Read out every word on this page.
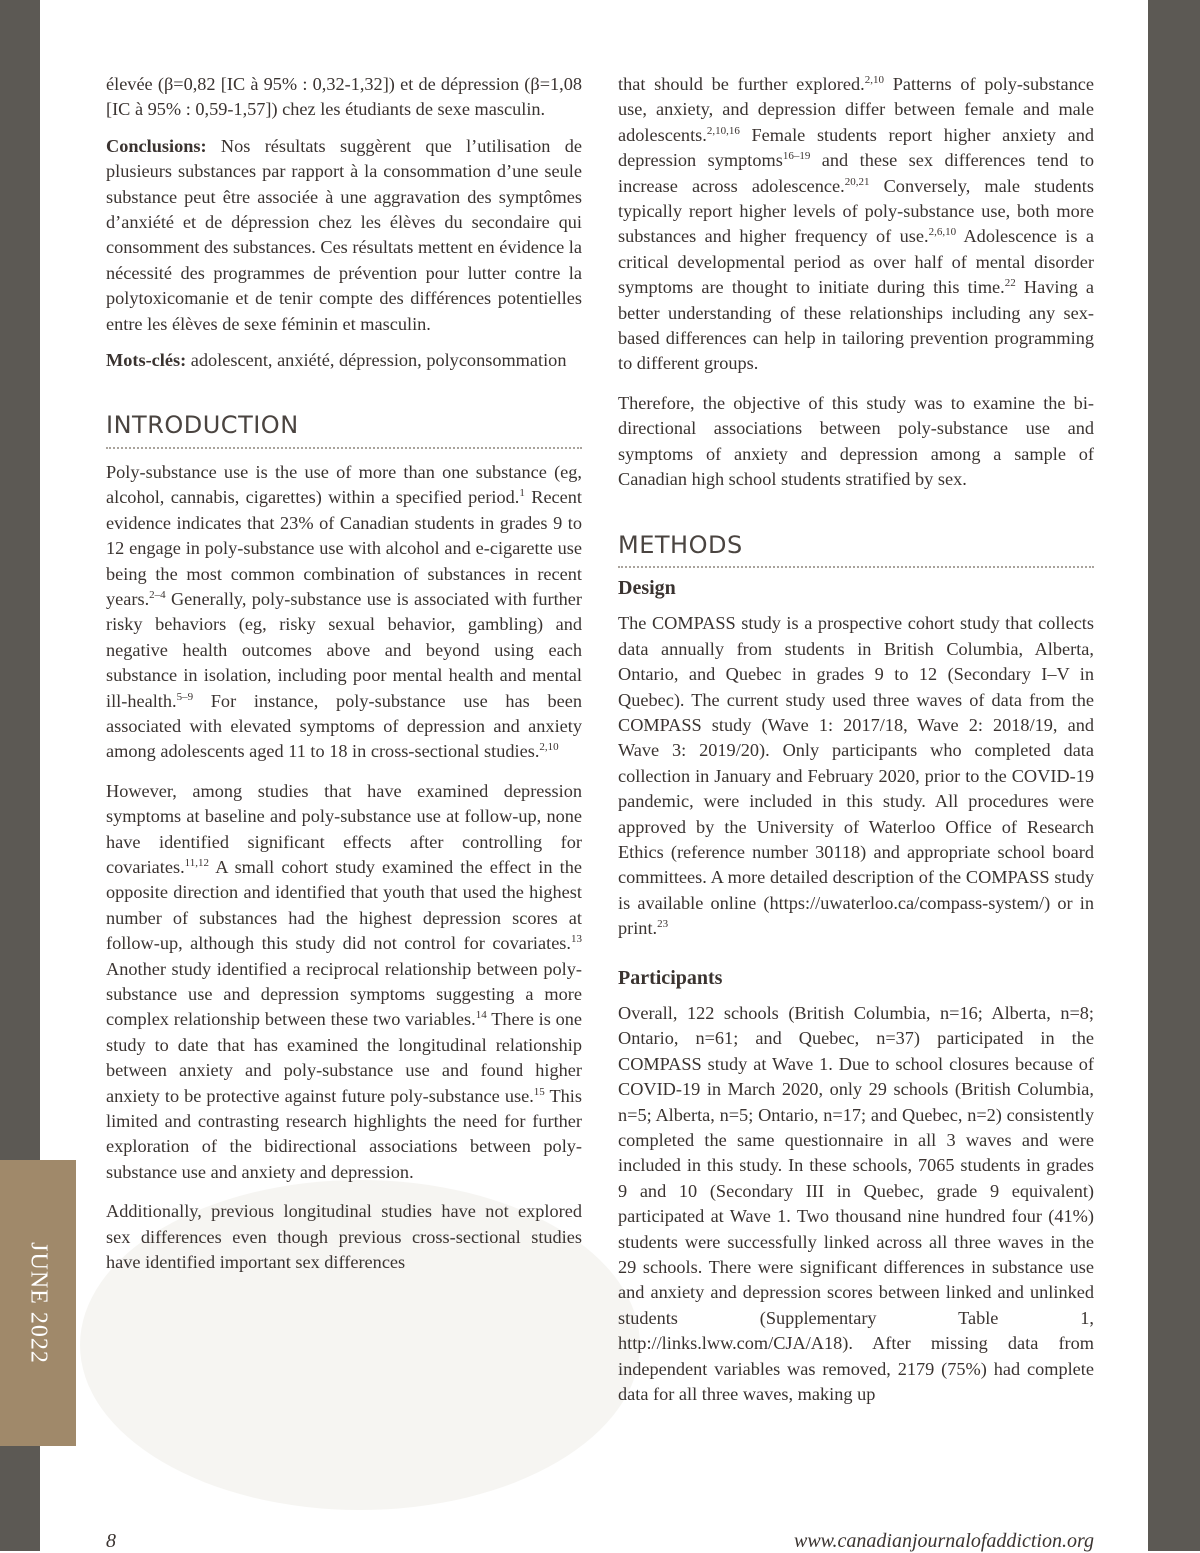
JUNE 2022

élevée (β=0,82 [IC à 95% : 0,32-1,32]) et de dépression (β=1,08 [IC à 95% : 0,59-1,57]) chez les étudiants de sexe masculin.

Conclusions: Nos résultats suggèrent que l’utilisation de plusieurs substances par rapport à la consommation d’une seule substance peut être associée à une aggravation des symptômes d’anxiété et de dépression chez les élèves du secondaire qui consomment des substances. Ces résultats mettent en évidence la nécessité des programmes de prévention pour lutter contre la polytoxicomanie et de tenir compte des différences potentielles entre les élèves de sexe féminin et masculin.

Mots-clés: adolescent, anxiété, dépression, polyconsommation

INTRODUCTION

Poly-substance use is the use of more than one substance (eg, alcohol, cannabis, cigarettes) within a specified period.$^1$ Recent evidence indicates that 23% of Canadian students in grades 9 to 12 engage in poly-substance use with alcohol and e-cigarette use being the most common combination of substances in recent years.$^{2-4}$ Generally, poly-substance use is associated with further risky behaviors (eg, risky sexual behavior, gambling) and negative health outcomes above and beyond using each substance in isolation, including poor mental health and mental ill-health.$^{5-9}$ For instance, poly-substance use has been associated with elevated symptoms of depression and anxiety among adolescents aged 11 to 18 in cross-sectional studies.$^{2,10}$

However, among studies that have examined depression symptoms at baseline and poly-substance use at follow-up, none have identified significant effects after controlling for covariates.$^{11,12}$ A small cohort study examined the effect in the opposite direction and identified that youth that used the highest number of substances had the highest depression scores at follow-up, although this study did not control for covariates.$^{13}$ Another study identified a reciprocal relationship between poly-substance use and depression symptoms suggesting a more complex relationship between these two variables.$^{14}$ There is one study to date that has examined the longitudinal relationship between anxiety and poly-substance use and found higher anxiety to be protective against future poly-substance use.$^{15}$ This limited and contrasting research highlights the need for further exploration of the bidirectional associations between poly-substance use and anxiety and depression.

Additionally, previous longitudinal studies have not explored sex differences even though previous cross-sectional studies have identified important sex differences

that should be further explored.$^{2,10}$ Patterns of poly-substance use, anxiety, and depression differ between female and male adolescents.$^{2,10,16}$ Female students report higher anxiety and depression symptoms$^{16-19}$ and these sex differences tend to increase across adolescence.$^{20,21}$ Conversely, male students typically report higher levels of poly-substance use, both more substances and higher frequency of use.$^{2,6,10}$ Adolescence is a critical developmental period as over half of mental disorder symptoms are thought to initiate during this time.$^{22}$ Having a better understanding of these relationships including any sex-based differences can help in tailoring prevention programming to different groups.

Therefore, the objective of this study was to examine the bi-directional associations between poly-substance use and symptoms of anxiety and depression among a sample of Canadian high school students stratified by sex.

METHODS
Design

The COMPASS study is a prospective cohort study that collects data annually from students in British Columbia, Alberta, Ontario, and Quebec in grades 9 to 12 (Secondary I–V in Quebec). The current study used three waves of data from the COMPASS study (Wave 1: 2017/18, Wave 2: 2018/19, and Wave 3: 2019/20). Only participants who completed data collection in January and February 2020, prior to the COVID-19 pandemic, were included in this study. All procedures were approved by the University of Waterloo Office of Research Ethics (reference number 30118) and appropriate school board committees. A more detailed description of the COMPASS study is available online (https://uwaterloo.ca/compass-system/) or in print.$^{23}$

Participants

Overall, 122 schools (British Columbia, n=16; Alberta, n=8; Ontario, n=61; and Quebec, n=37) participated in the COMPASS study at Wave 1. Due to school closures because of COVID-19 in March 2020, only 29 schools (British Columbia, n=5; Alberta, n=5; Ontario, n=17; and Quebec, n=2) consistently completed the same questionnaire in all 3 waves and were included in this study. In these schools, 7065 students in grades 9 and 10 (Secondary III in Quebec, grade 9 equivalent) participated at Wave 1. Two thousand nine hundred four (41%) students were successfully linked across all three waves in the 29 schools. There were significant differences in substance use and anxiety and depression scores between linked and unlinked students (Supplementary Table 1, http://links.lww.com/CJA/A18). After missing data from independent variables was removed, 2179 (75%) had complete data for all three waves, making up

8	www.canadianjournalofaddiction.org
